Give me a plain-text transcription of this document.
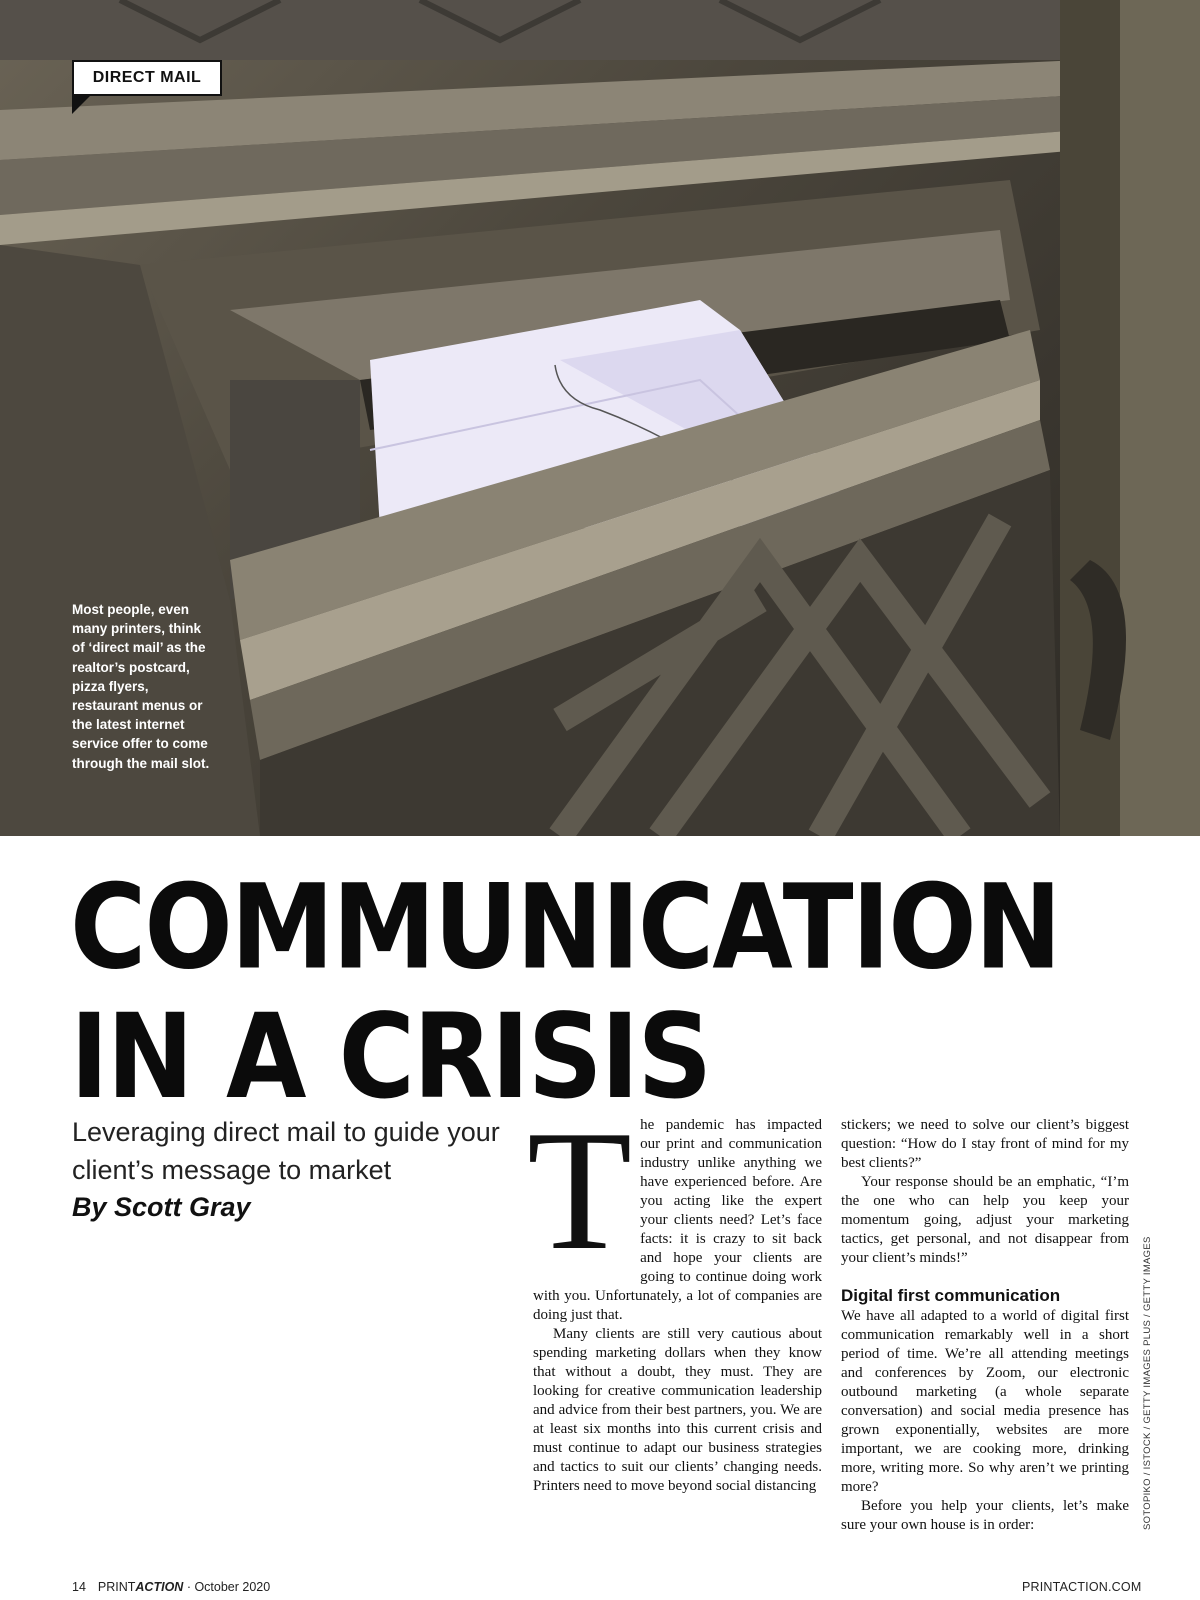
DIRECT MAIL
Most people, even many printers, think of ‘direct mail’ as the realtor’s postcard, pizza flyers, restaurant menus or the latest internet service offer to come through the mail slot.
COMMUNICATION
IN A CRISIS
Leveraging direct mail to guide your client’s message to market
By Scott Gray The pandemic has impacted our print and communication industry unlike anything we have experienced before. Are you acting like the expert your clients need? Let’s face facts: it is crazy to sit back and hope your clients are going to continue doing work with you. Unfortunately, a lot of companies are doing just that.

Many clients are still very cautious about spending marketing dollars when they know that without a doubt, they must. They are looking for creative communication leadership and advice from their best partners, you. We are at least six months into this current crisis and must continue to adapt our business strategies and tactics to suit our clients’ changing needs. Printers need to move beyond social distancing

stickers; we need to solve our client’s biggest question: “How do I stay front of mind for my best clients?”

Your response should be an emphatic, “I’m the one who can help you keep your momentum going, adjust your marketing tactics, get personal, and not disappear from your client’s minds!”

Digital first communication

We have all adapted to a world of digital first communication remarkably well in a short period of time. We’re all attending meetings and conferences by Zoom, our electronic outbound marketing (a whole separate conversation) and social media presence has grown exponentially, websites are more important, we are cooking more, drinking more, writing more. So why aren’t we printing more?

Before you help your clients, let’s make sure your own house is in order:	SOTOPIKO / ISTOCK / GETTY IMAGES PLUS / GETTY IMAGES
14 PRINTACTION · October 2020	PRINTACTION.COM
